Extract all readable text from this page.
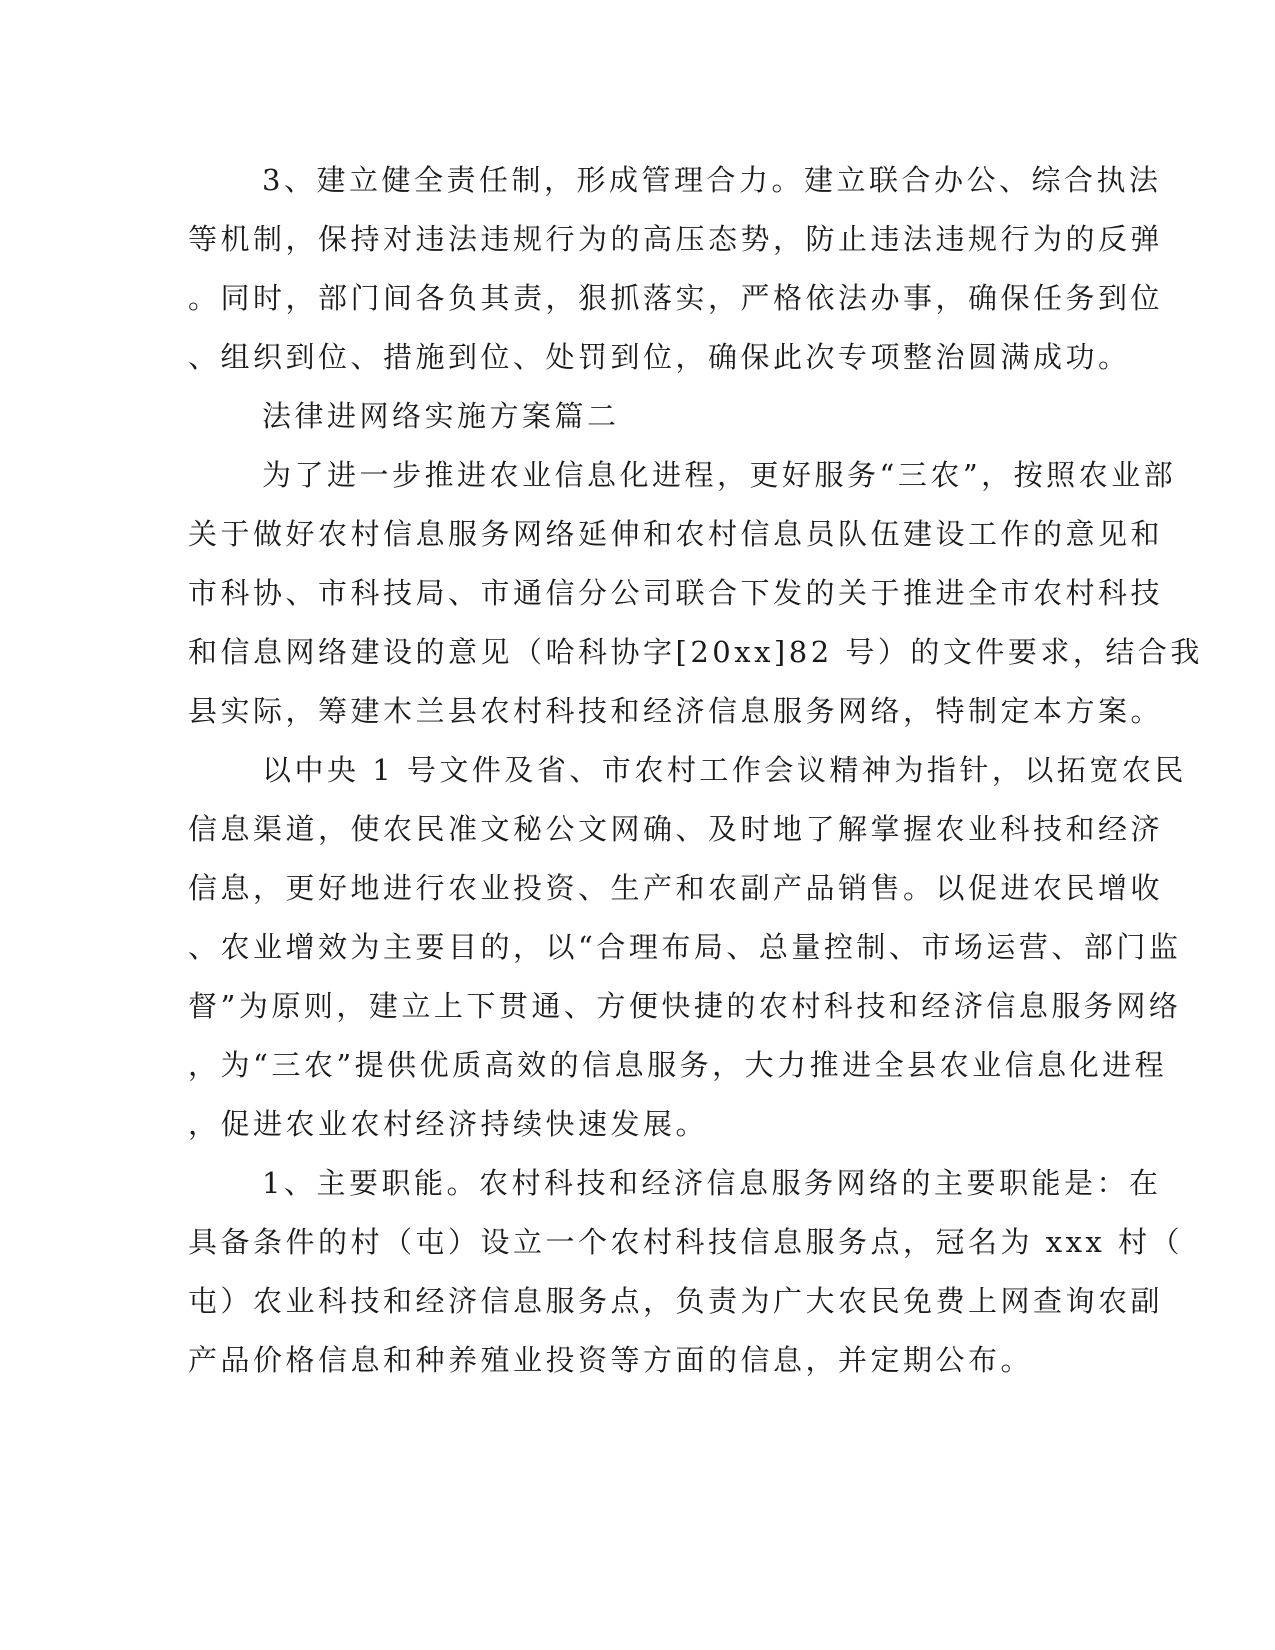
3、建立健全责任制，形成管理合力。建立联合办公、综合执法
等机制，保持对违法违规行为的高压态势，防止违法违规行为的反弹
。同时，部门间各负其责，狠抓落实，严格依法办事，确保任务到位
、组织到位、措施到位、处罚到位，确保此次专项整治圆满成功。
法律进网络实施方案篇二
为了进一步推进农业信息化进程，更好服务“三农”，按照农业部
关于做好农村信息服务网络延伸和农村信息员队伍建设工作的意见和
市科协、市科技局、市通信分公司联合下发的关于推进全市农村科技
和信息网络建设的意见（哈科协字[20xx]82 号）的文件要求，结合我
县实际，筹建木兰县农村科技和经济信息服务网络，特制定本方案。
以中央 1 号文件及省、市农村工作会议精神为指针，以拓宽农民
信息渠道，使农民准文秘公文网确、及时地了解掌握农业科技和经济
信息，更好地进行农业投资、生产和农副产品销售。以促进农民增收
、农业增效为主要目的，以“合理布局、总量控制、市场运营、部门监
督”为原则，建立上下贯通、方便快捷的农村科技和经济信息服务网络
，为“三农”提供优质高效的信息服务，大力推进全县农业信息化进程
，促进农业农村经济持续快速发展。
1、主要职能。农村科技和经济信息服务网络的主要职能是：在
具备条件的村（屯）设立一个农村科技信息服务点，冠名为 xxx 村（
屯）农业科技和经济信息服务点，负责为广大农民免费上网查询农副
产品价格信息和种养殖业投资等方面的信息，并定期公布。
